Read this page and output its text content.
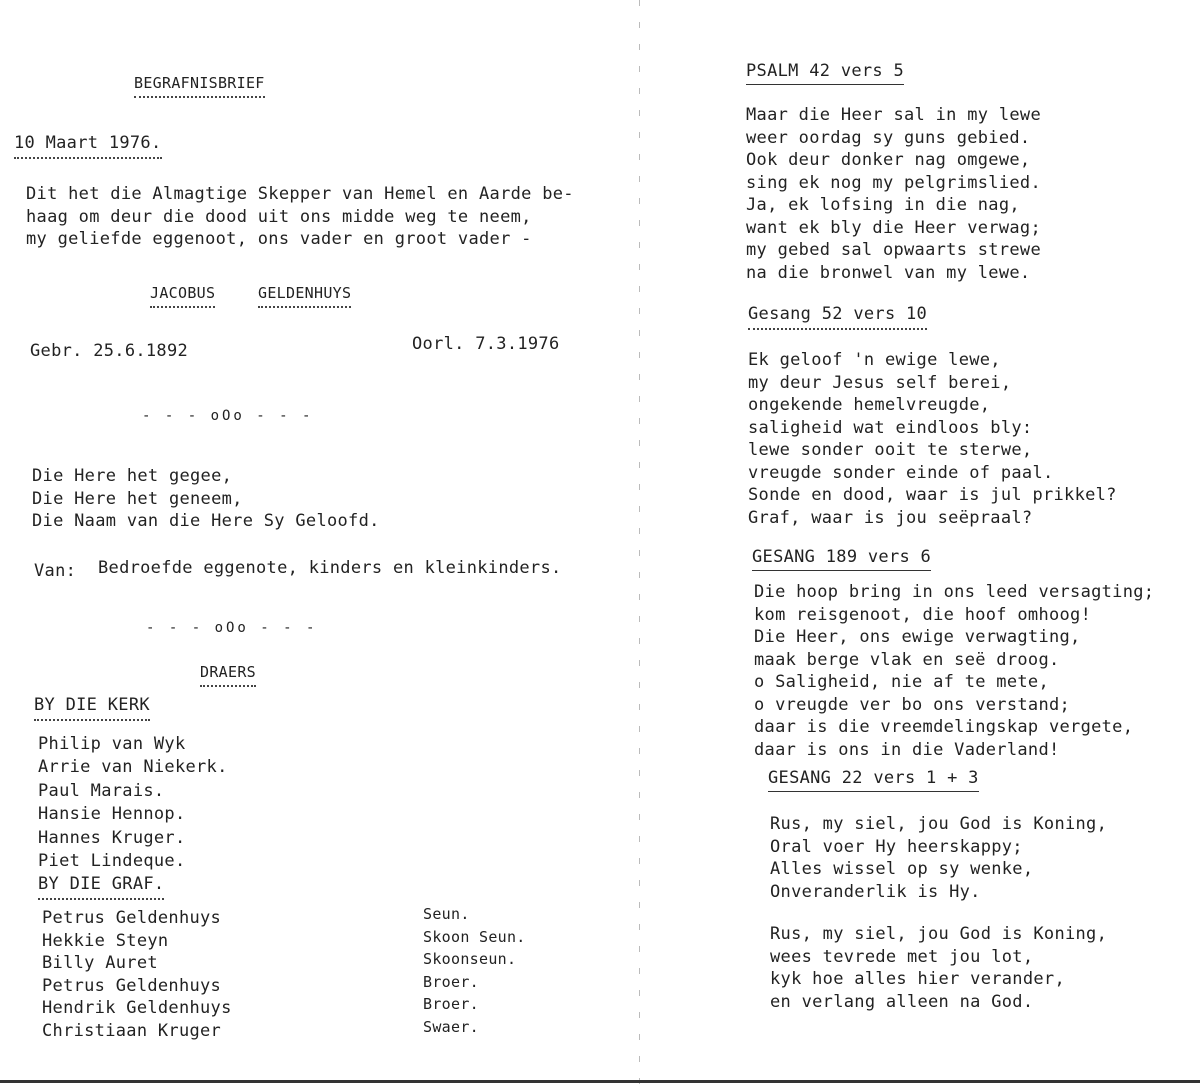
BEGRAFNISBRIEF
10 Maart 1976.
Dit het die Almagtige Skepper van Hemel en Aarde be-
haag om deur die dood uit ons midde weg te neem,
my geliefde eggenoot, ons vader en groot vader -
JACOBUS	GELDENHUYS
Gebr. 25.6.1892	Oorl. 7.3.1976
- - - oOo - - -
Die Here het gegee,
Die Here het geneem,
Die Naam van die Here Sy Geloofd.
Van: Bedroefde eggenote, kinders en kleinkinders.
- - - oOo - - -
DRAERS
BY DIE KERK
Philip van Wyk
Arrie van Niekerk.
Paul Marais.
Hansie Hennop.
Hannes Kruger.
Piet Lindeque.
BY DIE GRAF.
Petrus Geldenhuys
Hekkie Steyn
Billy Auret
Petrus Geldenhuys
Hendrik Geldenhuys
Christiaan Kruger
Seun.
Skoon Seun.
Skoonseun.
Broer.
Broer.
Swaer.
PSALM 42 vers 5
Maar die Heer sal in my lewe
weer oordag sy guns gebied.
Ook deur donker nag omgewe,
sing ek nog my pelgrimslied.
Ja, ek lofsing in die nag,
want ek bly die Heer verwag;
my gebed sal opwaarts strewe
na die bronwel van my lewe.
Gesang 52 vers 10
Ek geloof 'n ewige lewe,
my deur Jesus self berei,
ongekende hemelvreugde,
saligheid wat eindloos bly:
lewe sonder ooit te sterwe,
vreugde sonder einde of paal.
Sonde en dood, waar is jul prikkel?
Graf, waar is jou seëpraal?
GESANG 189 vers 6
Die hoop bring in ons leed versagting;
kom reisgenoot, die hoof omhoog!
Die Heer, ons ewige verwagting,
maak berge vlak en seë droog.
o Saligheid, nie af te mete,
o vreugde ver bo ons verstand;
daar is die vreemdelingskap vergete,
daar is ons in die Vaderland!
GESANG 22 vers 1 + 3
Rus, my siel, jou God is Koning,
Oral voer Hy heerskappy;
Alles wissel op sy wenke,
Onveranderlik is Hy.
Rus, my siel, jou God is Koning,
wees tevrede met jou lot,
kyk hoe alles hier verander,
en verlang alleen na God.
